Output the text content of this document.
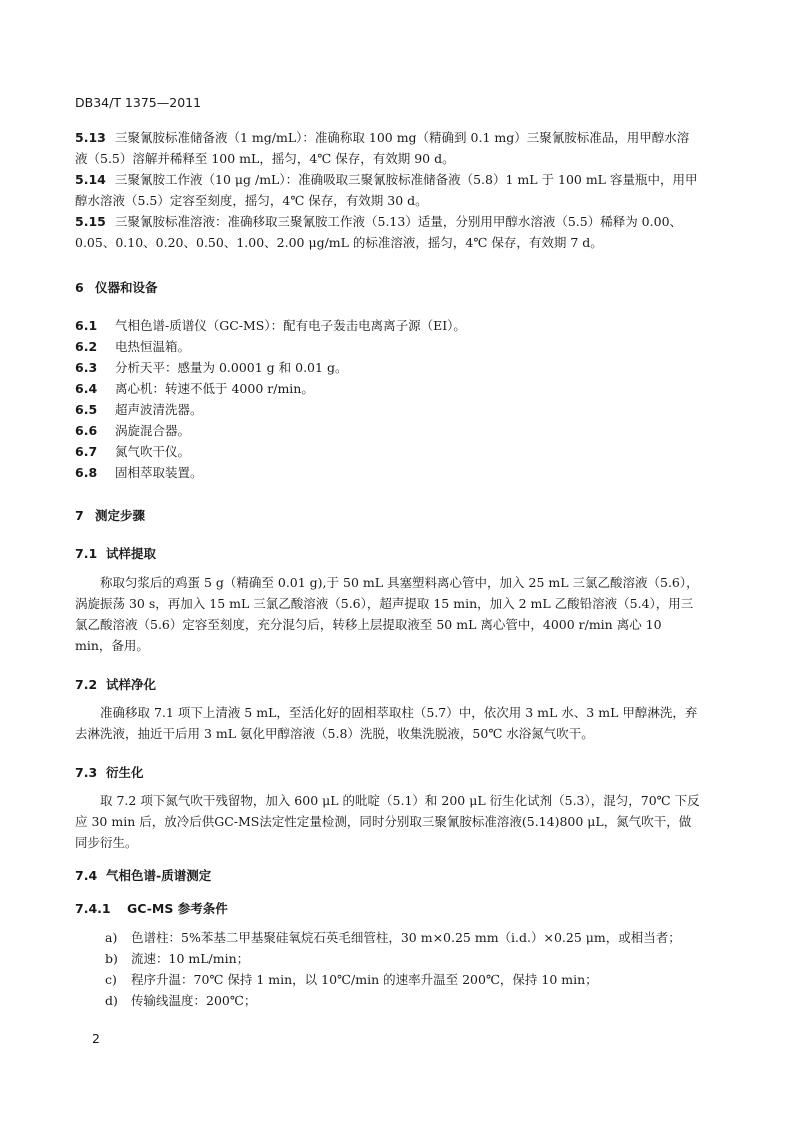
DB34/T 1375—2011

5.13 三聚氰胺标准储备液（1 mg/mL）：准确称取 100 mg（精确到 0.1 mg）三聚氰胺标准品，用甲醇水溶液（5.5）溶解并稀释至 100 mL，摇匀，4℃ 保存，有效期 90 d。

5.14 三聚氰胺工作液（10 μg /mL）：准确吸取三聚氰胺标准储备液（5.8）1 mL 于 100 mL 容量瓶中，用甲醇水溶液（5.5）定容至刻度，摇匀，4℃ 保存，有效期 30 d。

5.15 三聚氰胺标准溶液：准确移取三聚氰胺工作液（5.13）适量，分别用甲醇水溶液（5.5）稀释为 0.00、0.05、0.10、0.20、0.50、1.00、2.00 μg/mL 的标准溶液，摇匀，4℃ 保存，有效期 7 d。

6 仪器和设备

6.1 气相色谱-质谱仪（GC-MS）：配有电子轰击电离离子源（EI）。

6.2 电热恒温箱。

6.3 分析天平：感量为 0.0001 g 和 0.01 g。

6.4 离心机：转速不低于 4000 r/min。

6.5 超声波清洗器。

6.6 涡旋混合器。

6.7 氮气吹干仪。

6.8 固相萃取装置。

7 测定步骤

7.1 试样提取

称取匀浆后的鸡蛋 5 g（精确至 0.01 g),于 50 mL 具塞塑料离心管中，加入 25 mL 三氯乙酸溶液（5.6），涡旋振荡 30 s，再加入 15 mL 三氯乙酸溶液（5.6），超声提取 15 min，加入 2 mL 乙酸铅溶液（5.4），用三氯乙酸溶液（5.6）定容至刻度，充分混匀后，转移上层提取液至 50 mL 离心管中，4000 r/min 离心 10 min，备用。

7.2 试样净化

准确移取 7.1 项下上清液 5 mL，至活化好的固相萃取柱（5.7）中，依次用 3 mL 水、3 mL 甲醇淋洗，弃去淋洗液，抽近干后用 3 mL 氨化甲醇溶液（5.8）洗脱，收集洗脱液，50℃ 水浴氮气吹干。

7.3 衍生化

取 7.2 项下氮气吹干残留物，加入 600 μL 的吡啶（5.1）和 200 μL 衍生化试剂（5.3），混匀，70℃ 下反应 30 min 后，放冷后供GC-MS法定性定量检测，同时分别取三聚氰胺标准溶液(5.14)800 μL，氮气吹干，做同步衍生。

7.4 气相色谱-质谱测定

7.4.1 GC-MS 参考条件

a) 色谱柱：5%苯基二甲基聚硅氧烷石英毛细管柱，30 m×0.25 mm（i.d.）×0.25 μm，或相当者；

b) 流速：10 mL/min；

c) 程序升温：70℃ 保持 1 min，以 10℃/min 的速率升温至 200℃，保持 10 min；

d) 传输线温度：200℃；

2
